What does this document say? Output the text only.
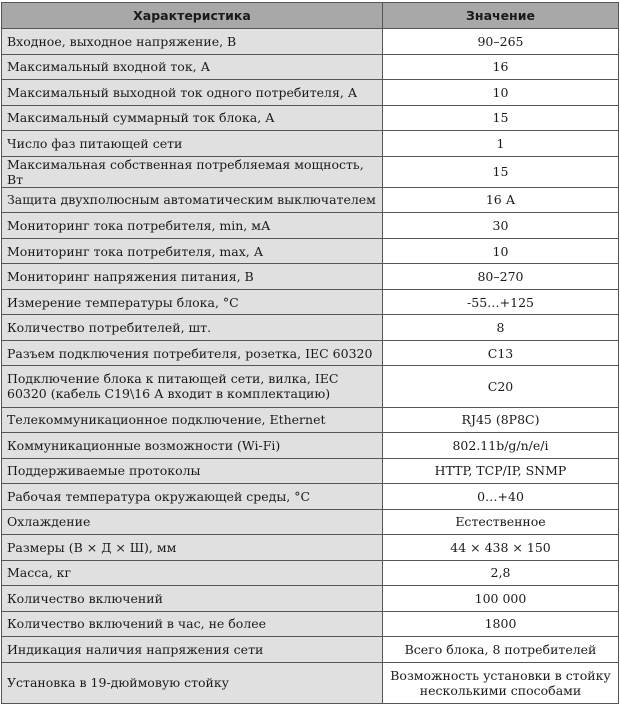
Характеристика	Значение
Входное, выходное напряжение, В	90–265
Максимальный входной ток, А	16
Максимальный выходной ток одного потребителя, А	10
Максимальный суммарный ток блока, А	15
Число фаз питающей сети	1
Максимальная собственная потребляемая мощность, Вт	15
Защита двухполюсным автоматическим выключателем	16 А
Мониторинг тока потребителя, min, мА	30
Мониторинг тока потребителя, max, А	10
Мониторинг напряжения питания, В	80–270
Измерение температуры блока, °С	-55…+125
Количество потребителей, шт.	8
Разъем подключения потребителя, розетка, IEC 60320	C13
Подключение блока к питающей сети, вилка, IEC 60320 (кабель С19\16 А входит в комплектацию)	C20
Телекоммуникационное подключение, Ethernet	RJ45 (8P8C)
Коммуникационные возможности (Wi-Fi)	802.11b/g/n/e/i
Поддерживаемые протоколы	HTTP, TCP/IP, SNMP
Рабочая температура окружающей среды, °С	0…+40
Охлаждение	Естественное
Размеры (В × Д × Ш), мм	44 × 438 × 150
Масса, кг	2,8
Количество включений	100 000
Количество включений в час, не более	1800
Индикация наличия напряжения сети	Всего блока, 8 потребителей
Установка в 19-дюймовую стойку	Возможность установки в стойку несколькими способами
